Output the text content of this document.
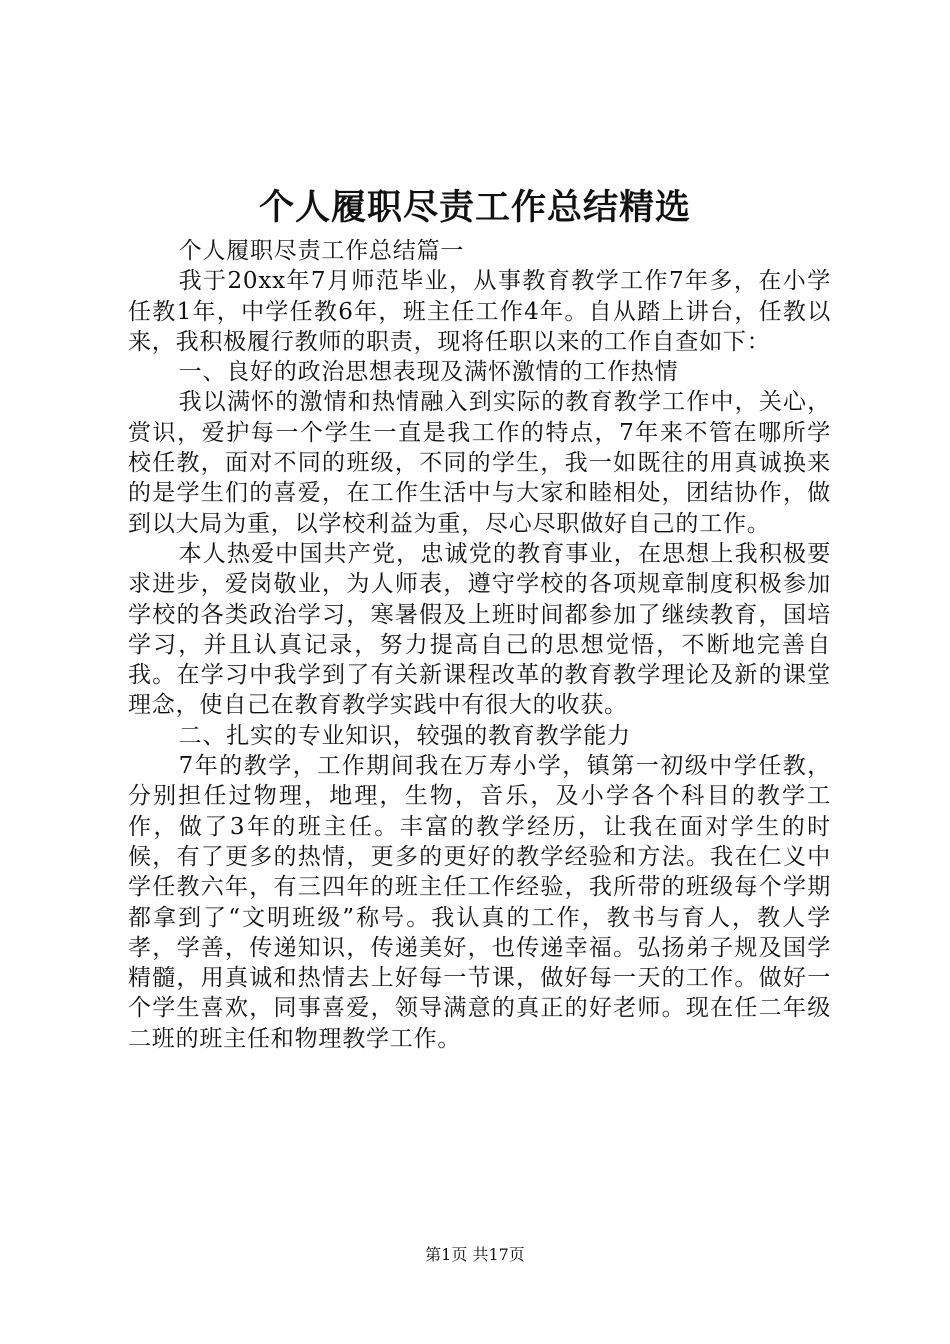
个人履职尽责工作总结精选

个人履职尽责工作总结篇一

我于20xx年7月师范毕业，从事教育教学工作7年多，在小学任教1年，中学任教6年，班主任工作4年。自从踏上讲台，任教以来，我积极履行教师的职责，现将任职以来的工作自查如下：

一、良好的政治思想表现及满怀激情的工作热情

我以满怀的激情和热情融入到实际的教育教学工作中，关心，赏识，爱护每一个学生一直是我工作的特点，7年来不管在哪所学校任教，面对不同的班级，不同的学生，我一如既往的用真诚换来的是学生们的喜爱，在工作生活中与大家和睦相处，团结协作，做到以大局为重，以学校利益为重，尽心尽职做好自己的工作。

本人热爱中国共产党，忠诚党的教育事业，在思想上我积极要求进步，爱岗敬业，为人师表，遵守学校的各项规章制度积极参加学校的各类政治学习，寒暑假及上班时间都参加了继续教育，国培学习，并且认真记录，努力提高自己的思想觉悟，不断地完善自我。在学习中我学到了有关新课程改革的教育教学理论及新的课堂理念，使自己在教育教学实践中有很大的收获。

二、扎实的专业知识，较强的教育教学能力

7年的教学，工作期间我在万寿小学，镇第一初级中学任教，分别担任过物理，地理，生物，音乐，及小学各个科目的教学工作，做了3年的班主任。丰富的教学经历，让我在面对学生的时候，有了更多的热情，更多的更好的教学经验和方法。我在仁义中学任教六年，有三四年的班主任工作经验，我所带的班级每个学期都拿到了“文明班级”称号。我认真的工作，教书与育人，教人学孝，学善，传递知识，传递美好，也传递幸福。弘扬弟子规及国学精髓，用真诚和热情去上好每一节课，做好每一天的工作。做好一个学生喜欢，同事喜爱，领导满意的真正的好老师。现在任二年级二班的班主任和物理教学工作。

第1页 共17页
